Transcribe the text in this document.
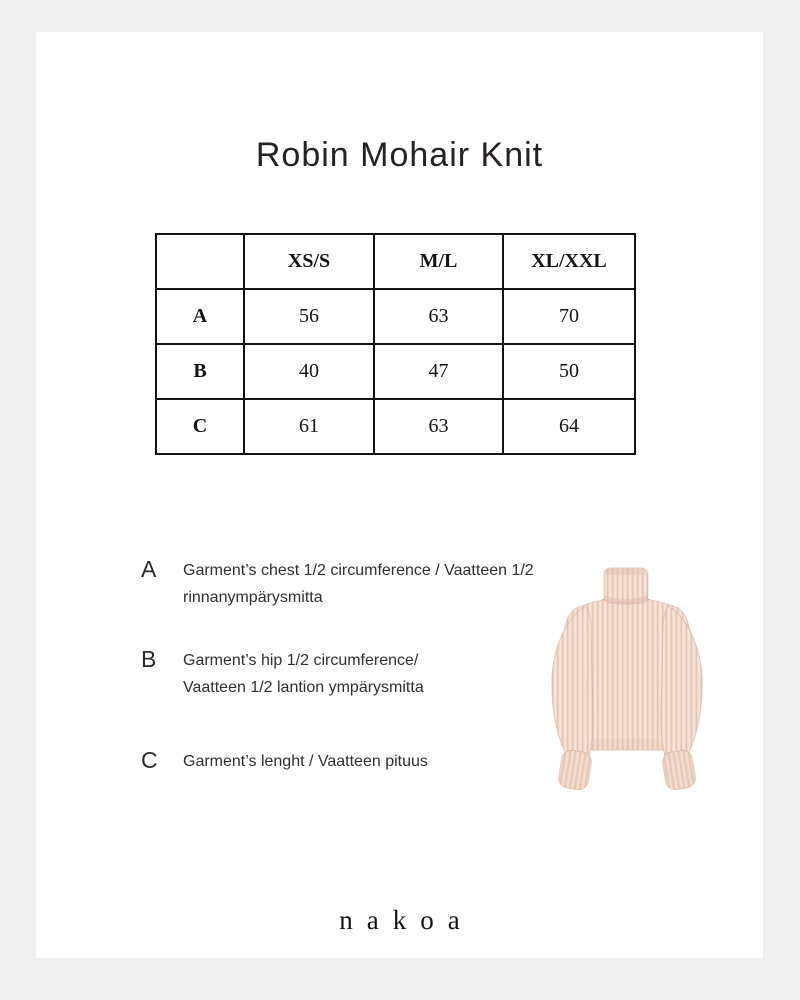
Robin Mohair Knit
	XS/S	M/L	XL/XXL
A	56	63	70
B	40	47	50
C	61	63	64
A	Garment’s chest 1/2 circumference / Vaatteen 1/2
rinnanympärysmitta
B	Garment’s hip 1/2 circumference/
Vaatteen 1/2 lantion ympärysmitta
C	Garment’s lenght / Vaatteen pituus
nakoa
